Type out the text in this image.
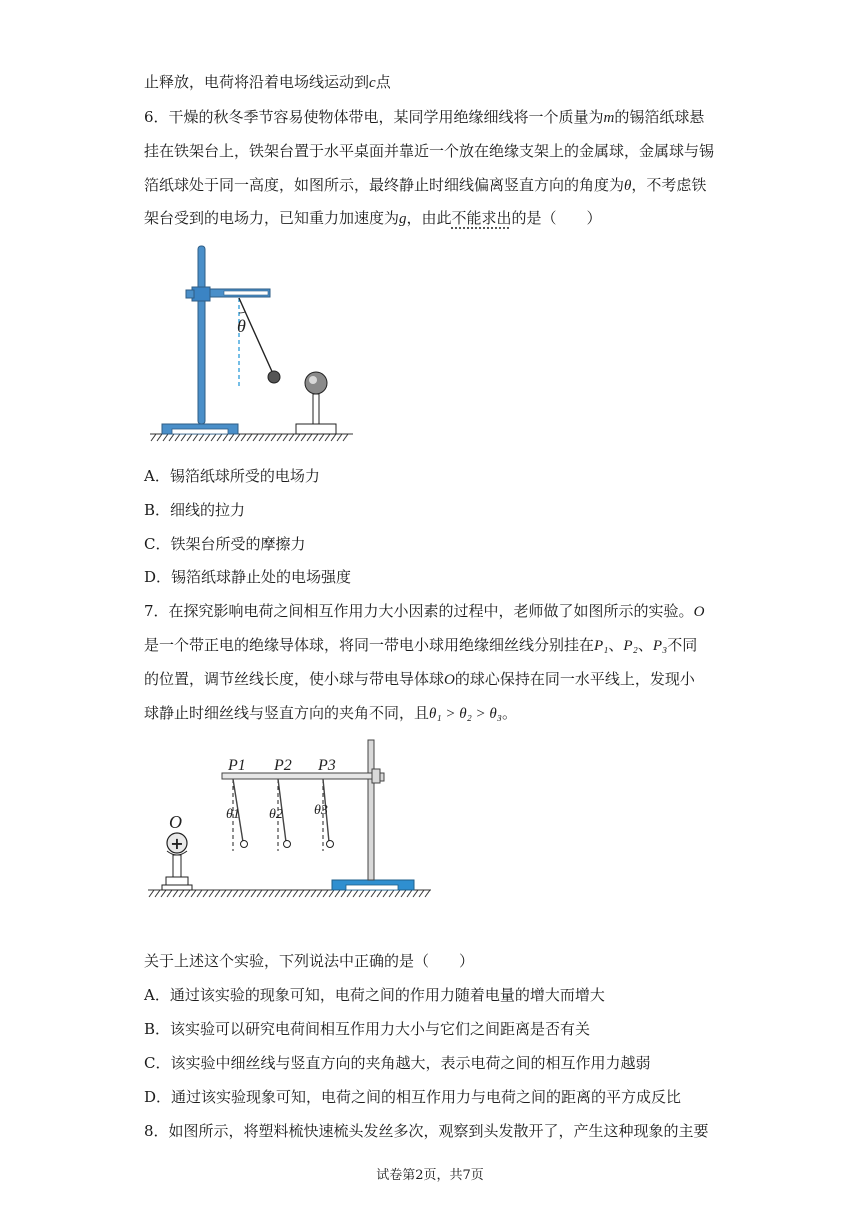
止释放，电荷将沿着电场线运动到c点
6．干燥的秋冬季节容易使物体带电，某同学用绝缘细线将一个质量为m的锡箔纸球悬
挂在铁架台上，铁架台置于水平桌面并靠近一个放在绝缘支架上的金属球，金属球与锡
箔纸球处于同一高度，如图所示，最终静止时细线偏离竖直方向的角度为θ，不考虑铁
架台受到的电场力，已知重力加速度为g，由此不能求出的是（　　）
θ
A．锡箔纸球所受的电场力
B．细线的拉力
C．铁架台所受的摩擦力
D．锡箔纸球静止处的电场强度
7．在探究影响电荷之间相互作用力大小因素的过程中，老师做了如图所示的实验。O
是一个带正电的绝缘导体球，将同一带电小球用绝缘细丝线分别挂在P₁、P₂、P₃不同
的位置，调节丝线长度，使小球与带电导体球O的球心保持在同一水平线上，发现小
球静止时细丝线与竖直方向的夹角不同，且θ₁ > θ₂ > θ₃。
P1 P2 P3
θ1 θ2 θ3
O
+
关于上述这个实验，下列说法中正确的是（　　）
A．通过该实验的现象可知，电荷之间的作用力随着电量的增大而增大
B．该实验可以研究电荷间相互作用力大小与它们之间距离是否有关
C．该实验中细丝线与竖直方向的夹角越大，表示电荷之间的相互作用力越弱
D．通过该实验现象可知，电荷之间的相互作用力与电荷之间的距离的平方成反比
8．如图所示，将塑料梳快速梳头发丝多次，观察到头发散开了，产生这种现象的主要
试卷第2页，共7页
